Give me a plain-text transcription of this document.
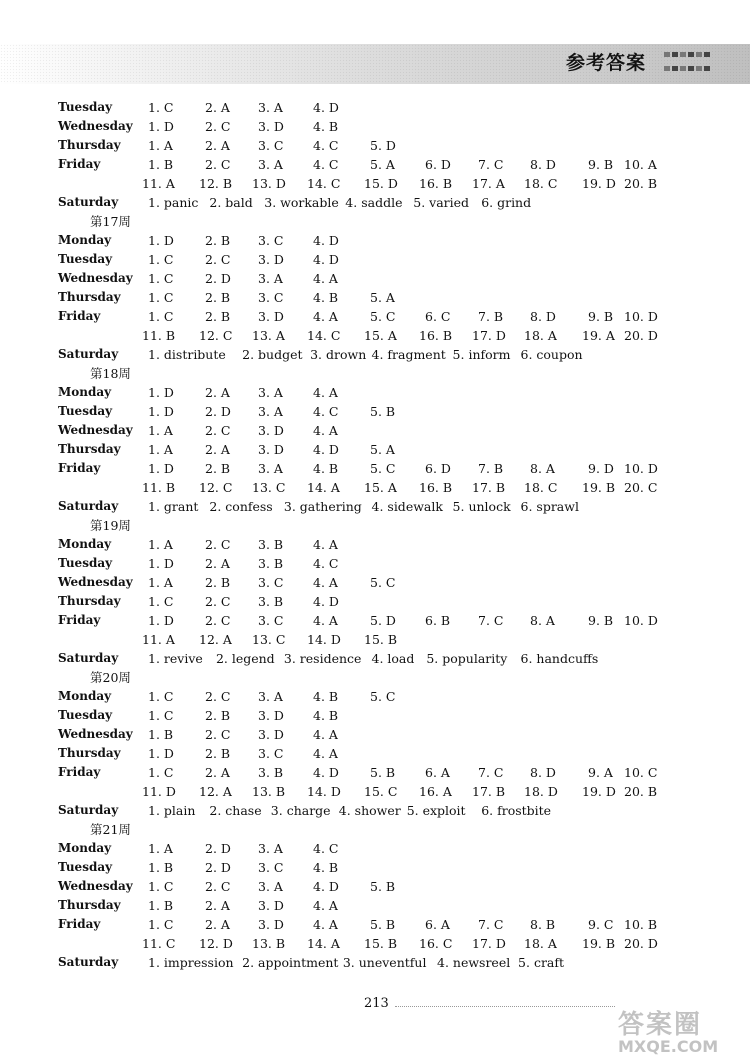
参考答案
Tuesday	1. C	2. A 3. A 4. D
Wednesday 1. D 2. C 3. D 4. B
Thursday 1. A	2. A 3. C 4. C	5. D
Friday	1. B	2. C 3. A 4. C	5. A 6. D 7. C 8. D	9. B 10. A
11. A 12. B 13. D 14. C 15. D 16. B 17. A 18. C 19. D 20. B
Saturday 1. panic 2. bald 3. workable 4. saddle 5. varied 6. grind
第17周
Monday	1. D 2. B 3. C 4. D
Tuesday	1. C	2. C 3. D 4. D
Wednesday 1. C	2. D 3. A 4. A
Thursday 1. C	2. B 3. C 4. B	5. A
Friday	1. C	2. B 3. D 4. A	5. C 6. C 7. B 8. D	9. B 10. D
11. B 12. C 13. A 14. C 15. A 16. B 17. D 18. A 19. A 20. D
Saturday 1. distribute 2. budget 3. drown 4. fragment 5. inform 6. coupon
第18周
Monday	1. D 2. A 3. A 4. A
Tuesday	1. D 2. D 3. A 4. C	5. B
Wednesday 1. A	2. C 3. D 4. A
Thursday 1. A	2. A 3. D 4. D 5. A
Friday	1. D 2. B 3. A 4. B	5. C 6. D 7. B 8. A	9. D 10. D
11. B 12. C 13. C 14. A 15. A 16. B 17. B 18. C 19. B 20. C
Saturday 1. grant 2. confess 3. gathering 4. sidewalk 5. unlock 6. sprawl
第19周
Monday	1. A	2. C 3. B 4. A
Tuesday	1. D 2. A 3. B 4. C
Wednesday 1. A	2. B 3. C 4. A	5. C
Thursday 1. C	2. C 3. B 4. D
Friday	1. D 2. C 3. C 4. A	5. D 6. B 7. C 8. A	9. B 10. D
11. A 12. A 13. C 14. D 15. B
Saturday 1. revive 2. legend 3. residence 4. load 5. popularity 6. handcuffs
第20周
Monday	1. C	2. C 3. A 4. B	5. C
Tuesday	1. C	2. B 3. D 4. B
Wednesday 1. B	2. C 3. D 4. A
Thursday 1. D 2. B 3. C 4. A
Friday	1. C	2. A 3. B 4. D 5. B 6. A 7. C 8. D	9. A 10. C
11. D 12. A 13. B 14. D 15. C 16. A 17. B 18. D 19. D 20. B
Saturday 1. plain 2. chase 3. charge 4. shower 5. exploit 6. frostbite
第21周
Monday	1. A	2. D 3. A 4. C
Tuesday	1. B	2. D 3. C 4. B
Wednesday 1. C	2. C 3. A 4. D 5. B
Thursday 1. B	2. A 3. D 4. A
Friday	1. C	2. A 3. D 4. A	5. B 6. A 7. C 8. B	9. C 10. B
11. C 12. D 13. B 14. A 15. B 16. C 17. D 18. A 19. B 20. D
Saturday 1. impression 2. appointment 3. uneventful 4. newsreel 5. craft
213
答案圈
MXQE.COM
